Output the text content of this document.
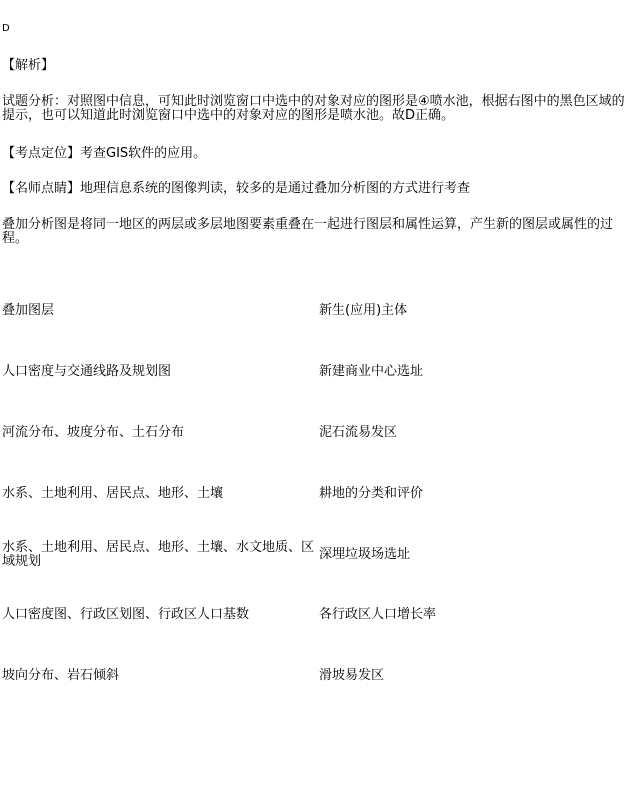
D
【解析】
试题分析：对照图中信息，可知此时浏览窗口中选中的对象对应的图形是④喷水池，根据右图中的黑色区域的提示，也可以知道此时浏览窗口中选中的对象对应的图形是喷水池。故D正确。
【考点定位】考查GIS软件的应用。
【名师点睛】地理信息系统的图像判读，较多的是通过叠加分析图的方式进行考查
叠加分析图是将同一地区的两层或多层地图要素重叠在一起进行图层和属性运算，产生新的图层或属性的过程。
叠加图层	新生(应用)主体
人口密度与交通线路及规划图	新建商业中心选址
河流分布、坡度分布、土石分布	泥石流易发区
水系、土地利用、居民点、地形、土壤	耕地的分类和评价
水系、土地利用、居民点、地形、土壤、水文地质、区域规划	深埋垃圾场选址
人口密度图、行政区划图、行政区人口基数	各行政区人口增长率
坡向分布、岩石倾斜	滑坡易发区
